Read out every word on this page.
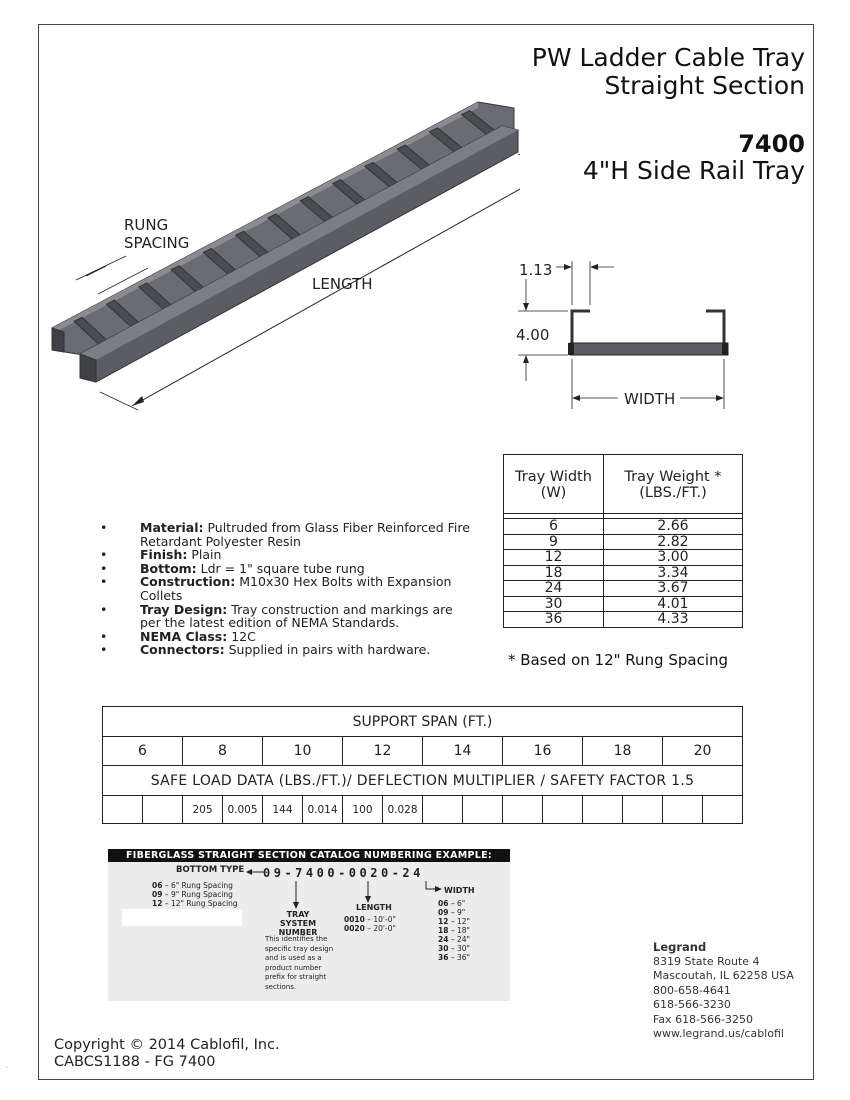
PW Ladder Cable Tray
Straight Section
7400
4"H Side Rail Tray
RUNG
SPACING
LENGTH
1.13
4.00
WIDTH
Tray Width
(W)	Tray Weight *
(LBS./FT.)

6	2.66
9	2.82
12	3.00
18	3.34
24	3.67
30	4.01
36	4.33
* Based on 12" Rung Spacing
•	Material: Pultruded from Glass Fiber Reinforced Fire Retardant Polyester Resin
•	Finish: Plain
•	Bottom: Ldr = 1" square tube rung
•	Construction: M10x30 Hex Bolts with Expansion Collets
•	Tray Design: Tray construction and markings are per the latest edition of NEMA Standards.
•	NEMA Class: 12C
•	Connectors: Supplied in pairs with hardware.
SUPPORT SPAN (FT.)															
6		8		10		12		14		16		18		20	
SAFE LOAD DATA (LBS./FT.)/ DEFLECTION MULTIPLIER / SAFETY FACTOR 1.5															
		205	0.005	144	0.014	100	0.028								
FIBERGLASS STRAIGHT SECTION CATALOG NUMBERING EXAMPLE:
BOTTOM TYPE 09-7400-0020-24
06 – 6" Rung Spacing
09 – 9" Rung Spacing
12 – 12" Rung Spacing
TRAY SYSTEM
NUMBER
This identifies the specific tray design and is used as a product number prefix for straight sections.
LENGTH
0010 – 10'-0"
0020 – 20'-0"
WIDTH
06 – 6"
09 – 9"
12 – 12"
18 – 18"
24 – 24"
30 – 30"
36 – 36"
Legrand
8319 State Route 4
Mascoutah, IL 62258 USA
800-658-4641
618-566-3230
Fax 618-566-3250
www.legrand.us/cablofil
Copyright © 2014 Cablofil, Inc.
CABCS1188 - FG 7400
-
